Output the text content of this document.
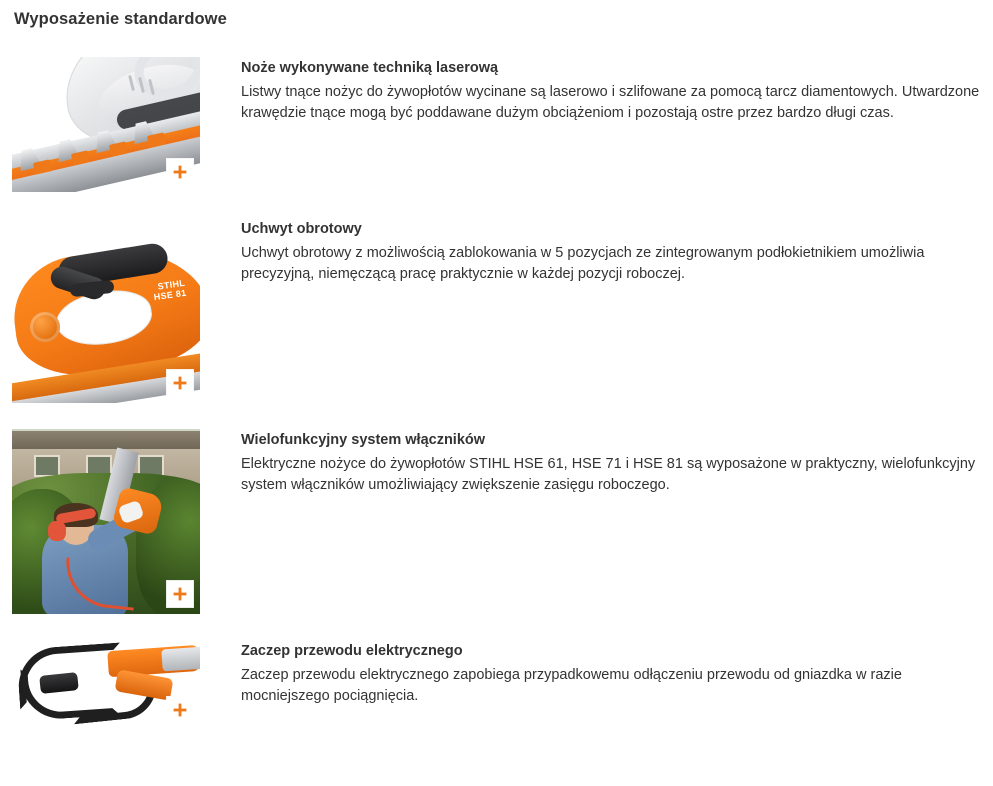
Wyposażenie standardowe

Noże wykonywane techniką laserową

Listwy tnące nożyc do żywopłotów wycinane są laserowo i szlifowane za pomocą tarcz diamentowych. Utwardzone krawędzie tnące mogą być poddawane dużym obciążeniom i pozostają ostre przez bardzo długi czas.

STIHL
HSE 81

Uchwyt obrotowy

Uchwyt obrotowy z możliwością zablokowania w 5 pozycjach ze zintegrowanym podłokietnikiem umożliwia precyzyjną, niemęczącą pracę praktycznie w każdej pozycji roboczej.

Wielofunkcyjny system włączników

Elektryczne nożyce do żywopłotów STIHL HSE 61, HSE 71 i HSE 81 są wyposażone w praktyczny, wielofunkcyjny system włączników umożliwiający zwiększenie zasięgu roboczego.

Zaczep przewodu elektrycznego

Zaczep przewodu elektrycznego zapobiega przypadkowemu odłączeniu przewodu od gniazdka w razie mocniejszego pociągnięcia.
